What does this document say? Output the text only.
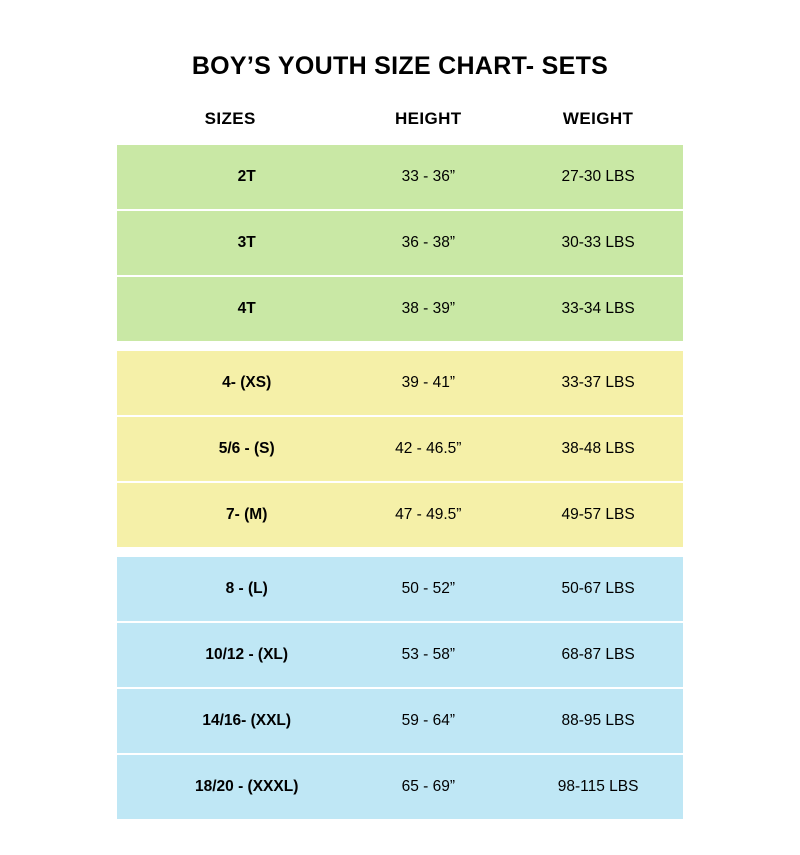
BOY’S YOUTH SIZE CHART- SETS
SIZES	HEIGHT	WEIGHT
2T	33 - 36”	27-30 LBS

3T	36 - 38”	30-33 LBS

4T	38 - 39”	33-34 LBS

4- (XS)	39 - 41”	33-37 LBS

5/6 - (S)	42 - 46.5”	38-48 LBS

7- (M)	47 - 49.5”	49-57 LBS

8 - (L)	50 - 52”	50-67 LBS

10/12 - (XL)	53 - 58”	68-87 LBS

14/16- (XXL)	59 - 64”	88-95 LBS

18/20 - (XXXL)	65 - 69”	98-115 LBS
